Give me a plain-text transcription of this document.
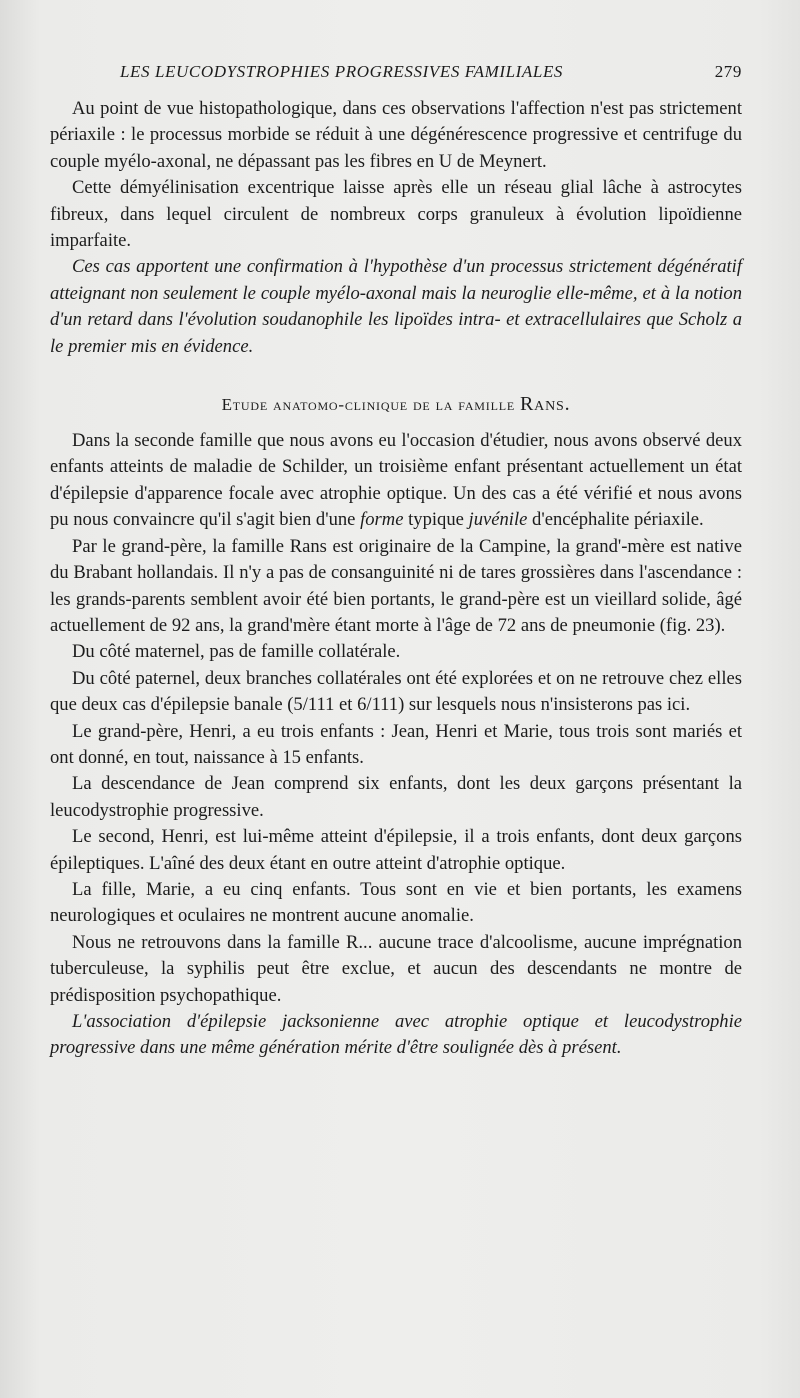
LES LEUCODYSTROPHIES PROGRESSIVES FAMILIALES	279

Au point de vue histopathologique, dans ces observations l'affection n'est pas strictement périaxile : le processus morbide se réduit à une dégénérescence progressive et centrifuge du couple myélo-axonal, ne dépassant pas les fibres en U de Meynert.

Cette démyélinisation excentrique laisse après elle un réseau glial lâche à astrocytes fibreux, dans lequel circulent de nombreux corps granuleux à évolution lipoïdienne imparfaite.

Ces cas apportent une confirmation à l'hypothèse d'un processus strictement dégénératif atteignant non seulement le couple myélo-axonal mais la neuroglie elle-même, et à la notion d'un retard dans l'évolution soudanophile les lipoïdes intra- et extracellulaires que Scholz a le premier mis en évidence.

Etude anatomo-clinique de la famille Rans.

Dans la seconde famille que nous avons eu l'occasion d'étudier, nous avons observé deux enfants atteints de maladie de Schilder, un troisième enfant présentant actuellement un état d'épilepsie d'apparence focale avec atrophie optique. Un des cas a été vérifié et nous avons pu nous convaincre qu'il s'agit bien d'une forme typique juvénile d'encéphalite périaxile.

Par le grand-père, la famille Rans est originaire de la Campine, la grand'-mère est native du Brabant hollandais. Il n'y a pas de consanguinité ni de tares grossières dans l'ascendance : les grands-parents semblent avoir été bien portants, le grand-père est un vieillard solide, âgé actuellement de 92 ans, la grand'mère étant morte à l'âge de 72 ans de pneumonie (fig. 23).

Du côté maternel, pas de famille collatérale.

Du côté paternel, deux branches collatérales ont été explorées et on ne retrouve chez elles que deux cas d'épilepsie banale (5/111 et 6/111) sur lesquels nous n'insisterons pas ici.

Le grand-père, Henri, a eu trois enfants : Jean, Henri et Marie, tous trois sont mariés et ont donné, en tout, naissance à 15 enfants.

La descendance de Jean comprend six enfants, dont les deux garçons présentant la leucodystrophie progressive.

Le second, Henri, est lui-même atteint d'épilepsie, il a trois enfants, dont deux garçons épileptiques. L'aîné des deux étant en outre atteint d'atrophie optique.

La fille, Marie, a eu cinq enfants. Tous sont en vie et bien portants, les examens neurologiques et oculaires ne montrent aucune anomalie.

Nous ne retrouvons dans la famille R... aucune trace d'alcoolisme, aucune imprégnation tuberculeuse, la syphilis peut être exclue, et aucun des descendants ne montre de prédisposition psychopathique.

L'association d'épilepsie jacksonienne avec atrophie optique et leucodystrophie progressive dans une même génération mérite d'être soulignée dès à présent.
